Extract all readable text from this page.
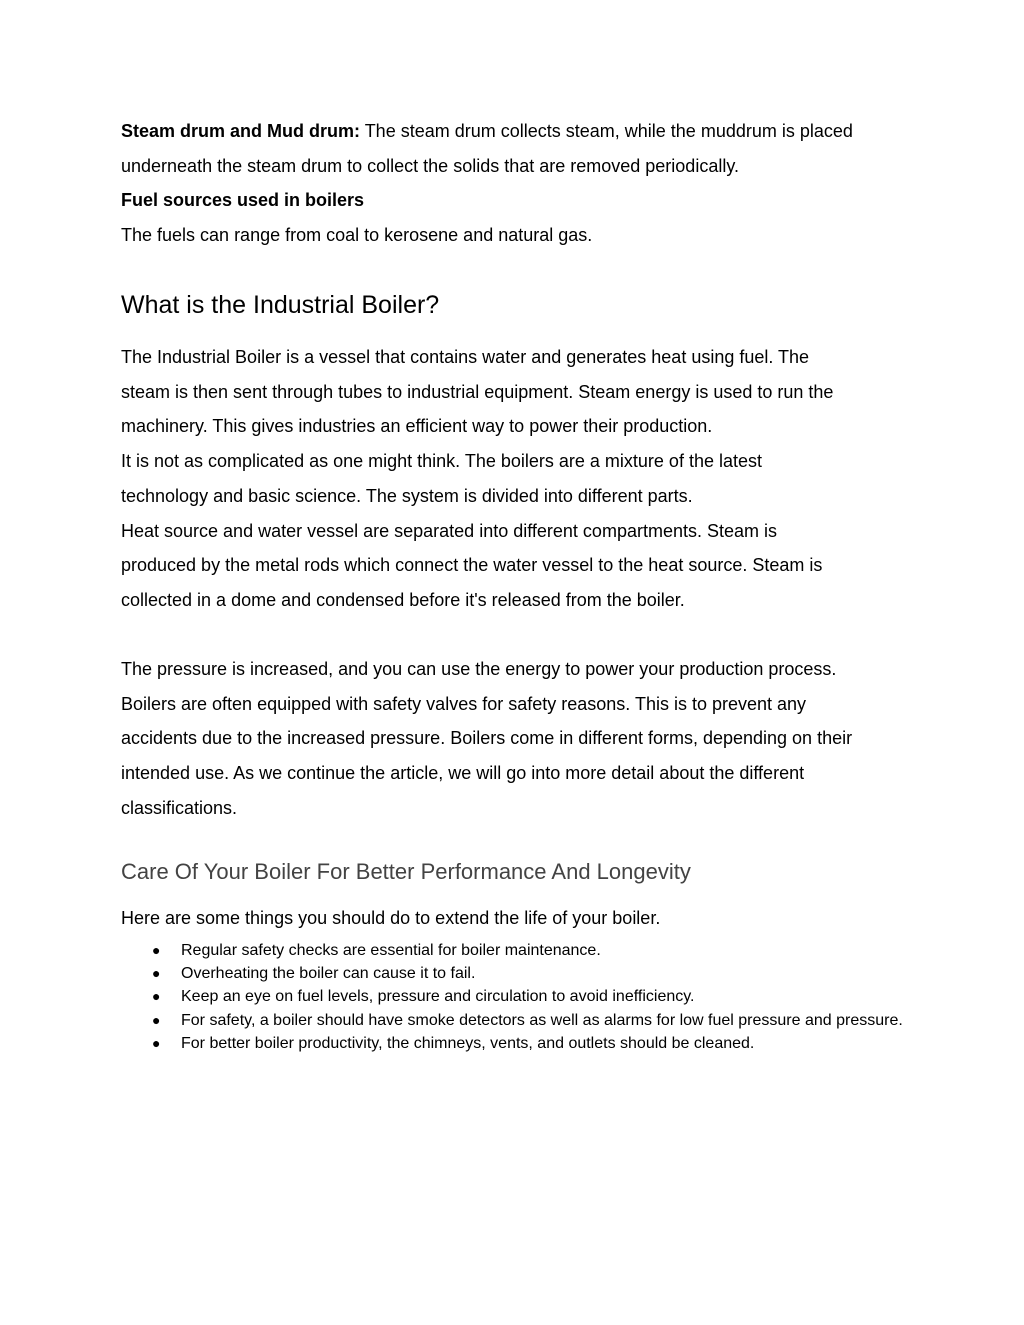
Steam drum and Mud drum: The steam drum collects steam, while the muddrum is placed
underneath the steam drum to collect the solids that are removed periodically.
Fuel sources used in boilers
The fuels can range from coal to kerosene and natural gas.
What is the Industrial Boiler?
The Industrial Boiler is a vessel that contains water and generates heat using fuel. The
steam is then sent through tubes to industrial equipment. Steam energy is used to run the
machinery. This gives industries an efficient way to power their production.
It is not as complicated as one might think. The boilers are a mixture of the latest
technology and basic science. The system is divided into different parts.
Heat source and water vessel are separated into different compartments. Steam is
produced by the metal rods which connect the water vessel to the heat source. Steam is
collected in a dome and condensed before it's released from the boiler.
The pressure is increased, and you can use the energy to power your production process.
Boilers are often equipped with safety valves for safety reasons. This is to prevent any
accidents due to the increased pressure. Boilers come in different forms, depending on their
intended use. As we continue the article, we will go into more detail about the different
classifications.
Care Of Your Boiler For Better Performance And Longevity
Here are some things you should do to extend the life of your boiler.
● Regular safety checks are essential for boiler maintenance.
● Overheating the boiler can cause it to fail.
● Keep an eye on fuel levels, pressure and circulation to avoid inefficiency.
● For safety, a boiler should have smoke detectors as well as alarms for low fuel pressure and pressure.
● For better boiler productivity, the chimneys, vents, and outlets should be cleaned.
